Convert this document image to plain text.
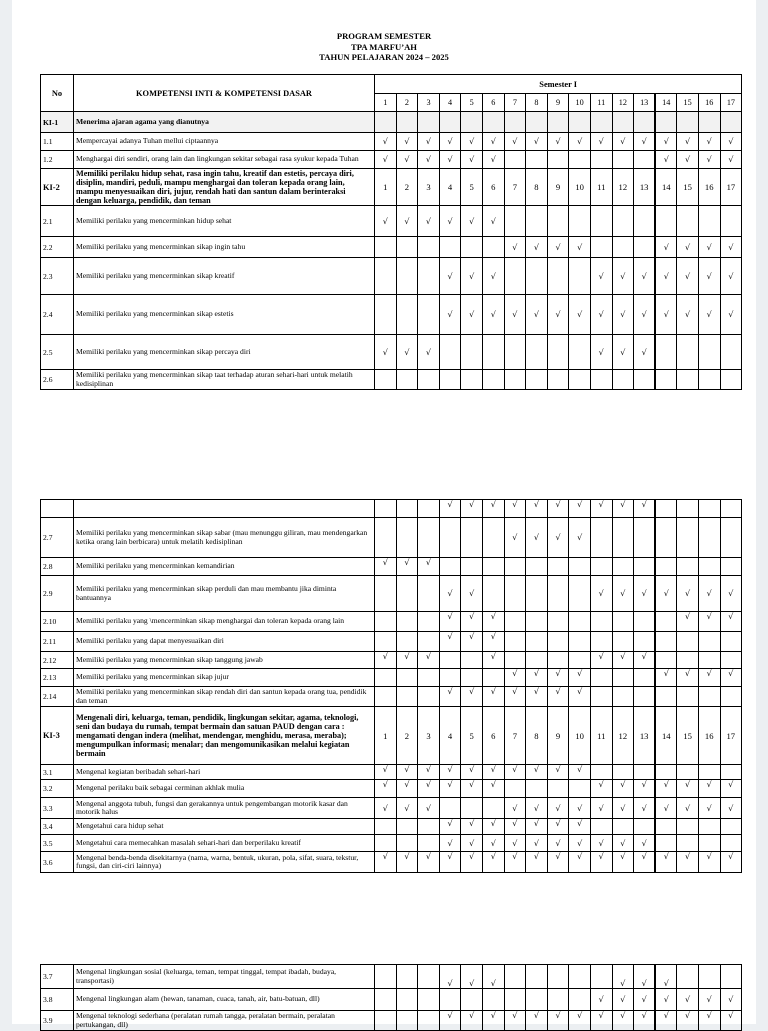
PROGRAM SEMESTER
TPA MARFU’AH
TAHUN PELAJARAN 2024 – 2025
No	KOMPETENSI INTI & KOMPETENSI DASAR	Semester I																
		1	2	3	4	5	6	7	8	9	10	11	12	13	14	15	16	17
KI-1	Menerima ajaran agama yang dianutnya																	
1.1	Mempercayai adanya Tuhan mellui ciptaannya	√	√	√	√	√	√	√	√	√	√	√	√	√	√	√	√	√
1.2	Menghargai diri sendiri, orang lain dan lingkungan sekitar sebagai rasa syukur kepada Tuhan	√	√	√	√	√	√								√	√	√	√
KI-2	Memiliki perilaku hidup sehat, rasa ingin tahu, kreatif dan estetis, percaya diri, disiplin, mandiri, peduli, mampu menghargai dan toleran kepada orang lain, mampu menyesuaikan diri, jujur, rendah hati dan santun dalam berinteraksi dengan keluarga, pendidik, dan teman	1	2	3	4	5	6	7	8	9	10	11	12	13	14	15	16	17
2.1	Memiliki perilaku yang mencerminkan hidup sehat	√	√	√	√	√	√											
2.2	Memiliki perilaku yang mencerminkan sikap ingin tahu							√	√	√	√				√	√	√	√
2.3	Memiliki perilaku yang mencerminkan sikap kreatif				√	√	√					√	√	√	√	√	√	√
2.4	Memiliki perilaku yang mencerminkan sikap estetis				√	√	√	√	√	√	√	√	√	√	√	√	√	√
2.5	Memiliki perilaku yang mencerminkan sikap percaya diri	√	√	√								√	√	√				
2.6	Memiliki perilaku yang mencerminkan sikap taat terhadap aturan sehari-hari untuk melatih kedisiplinan																	
					√	√	√	√	√	√	√	√	√	√				
2.7	Memiliki perilaku yang mencerminkan sikap sabar (mau menunggu giliran, mau mendengarkan ketika orang lain berbicara) untuk melatih kedisiplinan							√	√	√	√							
2.8	Memiliki perilaku yang mencerminkan kemandirian	√	√	√														
2.9	Memiliki perilaku yang mencerminkan sikap perduli dan mau membantu jika diminta bantuannya				√	√						√	√	√	√	√	√	√
2.10	Memiliki perilaku yang \mencerminkan sikap menghargai dan toleran kepada orang lain				√	√	√									√	√	√
2.11	Memiliki perilaku yang dapat menyesuaikan diri				√	√	√											
2.12	Memiliki perilaku yang mencerminkan sikap tanggung jawab	√	√	√			√					√	√	√				
2.13	Memiliki perilaku yang mencerminkan sikap jujur							√	√	√	√				√	√	√	√
2.14	Memiliki perilaku yang mencerminkan sikap rendah diri dan santun kepada orang tua, pendidik dan teman				√	√	√	√	√	√	√							
KI-3	Mengenali diri, keluarga, teman, pendidik, lingkungan sekitar, agama, teknologi, seni dan budaya du rumah, tempat bermain dan satuan PAUD dengan cara : mengamati dengan indera (melihat, mendengar, menghidu, merasa, meraba); mengumpulkan informasi; menalar; dan mengomunikasikan melalui kegiatan bermain	1	2	3	4	5	6	7	8	9	10	11	12	13	14	15	16	17
3.1	Mengenal kegiatan beribadah sehari-hari	√	√	√	√	√	√	√	√	√	√							
3.2	Mengenal perilaku baik sebagai cerminan akhlak mulia	√	√	√	√	√	√					√	√	√	√	√	√	√
3.3	Mengenal anggota tubuh, fungsi dan gerakannya untuk pengembangan motorik kasar dan motorik halus	√	√	√				√	√	√	√	√	√	√	√	√	√	√
3.4	Mengetahui cara hidup sehat				√	√	√	√	√	√	√							
3.5	Mengetahui cara memecahkan masalah sehari-hari dan berperilaku kreatif				√	√	√	√	√	√	√	√	√	√				
3.6	Mengenal benda-benda disekitarnya (nama, warna, bentuk, ukuran, pola, sifat, suara, tekstur, fungsi, dan ciri-ciri lainnya)	√	√	√	√	√	√	√	√	√	√	√	√	√	√	√	√	√
3.7	Mengenal lingkungan sosial (keluarga, teman, tempat tinggal, tempat ibadah, budaya, transportasi)				√	√	√						√	√	√			
3.8	Mengenal lingkungan alam (hewan, tanaman, cuaca, tanah, air, batu-batuan, dll)											√	√	√	√	√	√	√
3.9	Mengenal teknologi sederhana (peralatan rumah tangga, peralatan bermain, peralatan pertukangan, dll)				√	√	√	√	√	√	√	√	√	√	√	√	√	√
